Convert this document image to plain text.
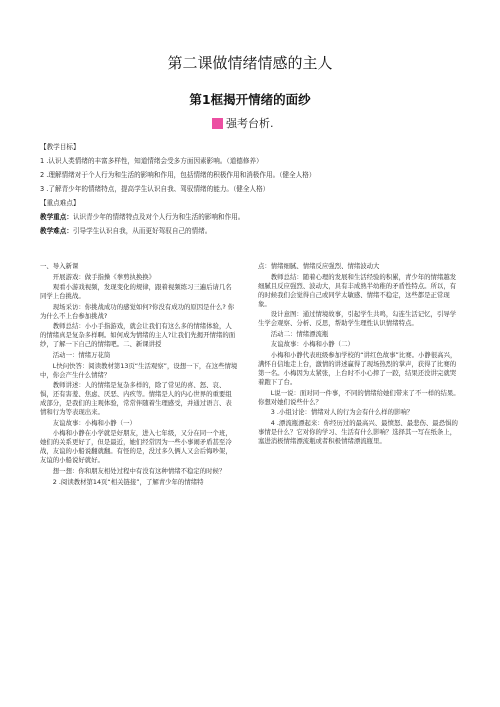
第二课做情绪情感的主人
第1框揭开情绪的面纱
强考台析.
【教学目标】
1 .认识人类情绪的丰富多样性，知道情绪会受多方面因素影响。（道德修养）
2 .理解情绪对于个人行为和生活的影响和作用，包括情绪的积极作用和消极作用。（健全人格）
3 .了解青少年的情绪特点，提高学生认识自我、驾驭情绪的能力。（健全人格）
【重点难点】
教学重点：认识青少年的情绪特点及对个人行为和生活的影响和作用。
教学难点：引导学生认识自我，从而更好驾驭自己的情绪。

一、导入新课

开展游戏：做手指操《拳剪执换换》

观看小游戏视频，发现变化的规律，跟着视频练习三遍后请几名同学上台挑战。

现场采访：你挑战成功的感觉如何?你没有成功的原因是什么? 你为什么不上台参加挑战?

教师总结：小小手指游戏，就会让我们有这么多的情绪体验，人的情绪真是复杂多样啊。如何成为情绪的主人?让我们先揭开情绪的面纱，了解一下自己的情绪吧。二、新课讲授

活动一：情绪万花筒

L快问快答：阅读教材第13页“生活观察”，设想一下，在这些情境中，你会产生什么情绪？

教师讲述：人的情绪是复杂多样的，除了常见的喜、怒、哀、惧，还有害羞、焦虑、厌恶、内疚等。情绪是人的内心世界的重要组成部分，是我们的主观体验，常常伴随着生理感受，并通过语言、表情和行为等表现出来。

友谊故事：小梅和小静（一）

小梅和小静在小学就是好朋友，进入七年级，又分在同一个班，她们的关系更好了，但是最近，她们经常因为一些小事闹矛盾甚至冷战，友谊的小船说翻就翻。有怪的是，没过多久俩人又会后悔吵架，友谊的小船说好就好。

想一想：你和朋友相处过程中有没有这种情绪不稳定的时候？

2 .阅读教材第14页“相关链接”，了解青少年的情绪特

点：情绪细腻、情绪反应强烈、情绪波动大

教师总结：随着心理的发展和生活经验的积累，青少年的情绪越发细腻且反应强烈、波动大，具有丰成熟半幼稚的矛盾性特点。所以，有的时候我们会觉得自己或同学太敏感、情绪不稳定，这些都是正常现象。

设计意图：通过情境故事，引起学生共鸣，勾连生活记忆，引导学生学会观察、分析、反思，帮助学生理性认识情绪特点。

活动二：情绪漂流瓶

友谊故事：小梅和小静（二）

小梅和小静代表班级参加学校的“讲红色故事”比赛。小静很高兴，满怀自信地走上台，激情的讲述赢得了现场热烈的掌声，获得了比赛的第一名。小梅因为太紧张，上台时不小心摔了一跤，结果还没讲完就哭着跑下了台。

L说一说：面对同一件事，不同的情绪给她们带来了不一样的结果。你想对她们说些什么？

3 .小组讨论：情绪对人的行为会有什么样的影响？

4 .漂流瓶漂起来：你经历过的最高兴、最愤怒、最悲伤、最恐惧的事情是什么？它对你的学习、生活有什么影响？选择其一写在纸条上，塞进消极情绪漂流瓶或者积极情绪漂流瓶里。
